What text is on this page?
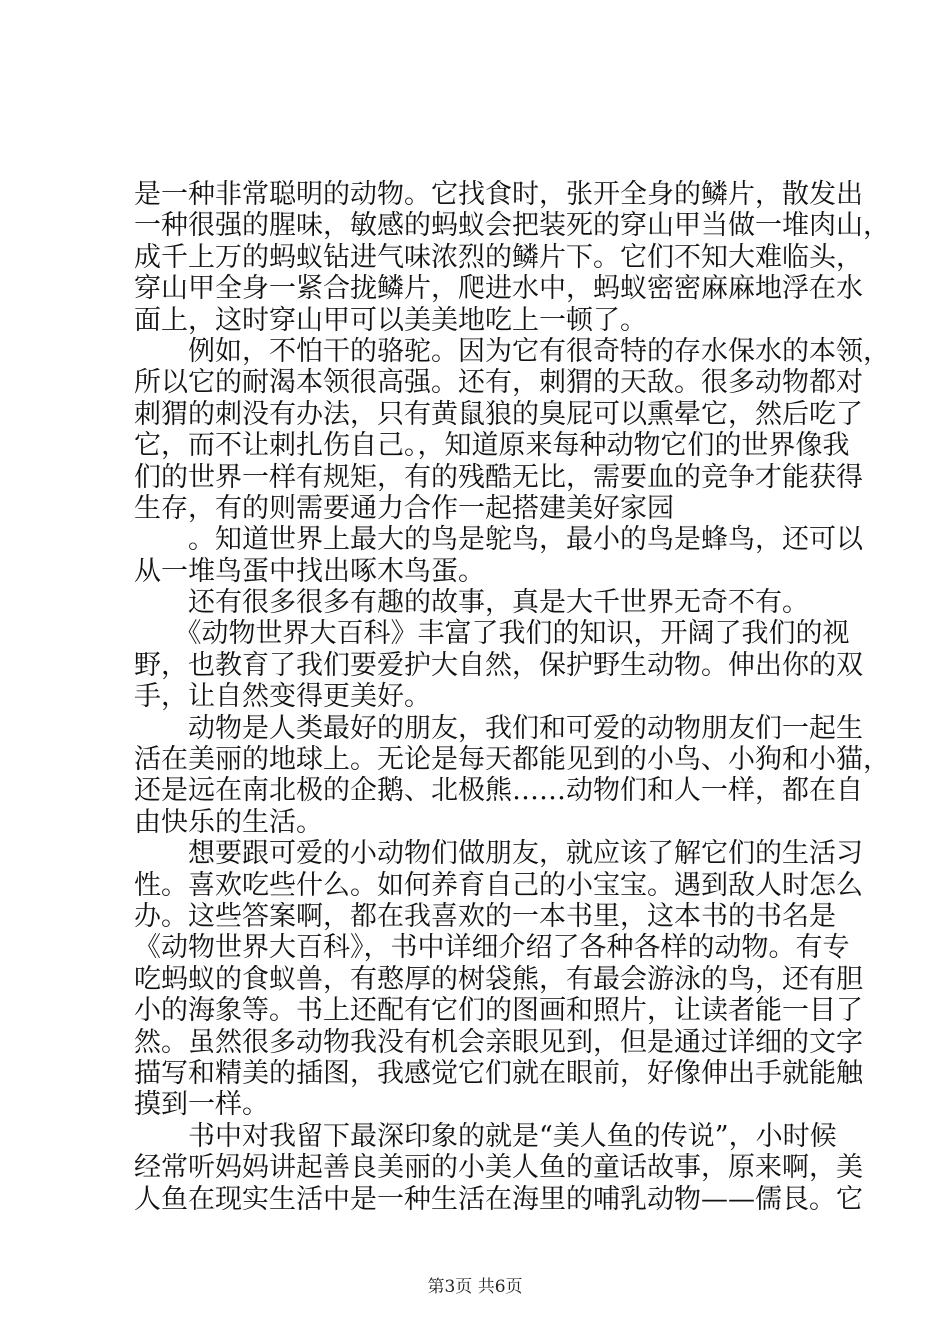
是一种非常聪明的动物。它找食时，张开全身的鳞片，散发出
一种很强的腥味，敏感的蚂蚁会把装死的穿山甲当做一堆肉山，
成千上万的蚂蚁钻进气味浓烈的鳞片下。它们不知大难临头，
穿山甲全身一紧合拢鳞片，爬进水中，蚂蚁密密麻麻地浮在水
面上，这时穿山甲可以美美地吃上一顿了。
　　例如，不怕干的骆驼。因为它有很奇特的存水保水的本领，
所以它的耐渴本领很高强。还有，刺猬的天敌。很多动物都对
刺猬的刺没有办法，只有黄鼠狼的臭屁可以熏晕它，然后吃了
它，而不让刺扎伤自己。，知道原来每种动物它们的世界像我
们的世界一样有规矩，有的残酷无比，需要血的竞争才能获得
生存，有的则需要通力合作一起搭建美好家园
　　。知道世界上最大的鸟是鸵鸟，最小的鸟是蜂鸟，还可以
从一堆鸟蛋中找出啄木鸟蛋。
　　还有很多很多有趣的故事，真是大千世界无奇不有。
　　《动物世界大百科》丰富了我们的知识，开阔了我们的视
野，也教育了我们要爱护大自然，保护野生动物。伸出你的双
手，让自然变得更美好。
　　动物是人类最好的朋友，我们和可爱的动物朋友们一起生
活在美丽的地球上。无论是每天都能见到的小鸟、小狗和小猫，
还是远在南北极的企鹅、北极熊……动物们和人一样，都在自
由快乐的生活。
　　想要跟可爱的小动物们做朋友，就应该了解它们的生活习
性。喜欢吃些什么。如何养育自己的小宝宝。遇到敌人时怎么
办。这些答案啊，都在我喜欢的一本书里，这本书的书名是
《动物世界大百科》，书中详细介绍了各种各样的动物。有专
吃蚂蚁的食蚁兽，有憨厚的树袋熊，有最会游泳的鸟，还有胆
小的海象等。书上还配有它们的图画和照片，让读者能一目了
然。虽然很多动物我没有机会亲眼见到，但是通过详细的文字
描写和精美的插图，我感觉它们就在眼前，好像伸出手就能触
摸到一样。
　　书中对我留下最深印象的就是“美人鱼的传说”，小时候
经常听妈妈讲起善良美丽的小美人鱼的童话故事，原来啊，美
人鱼在现实生活中是一种生活在海里的哺乳动物——儒艮。它
第3页 共6页
